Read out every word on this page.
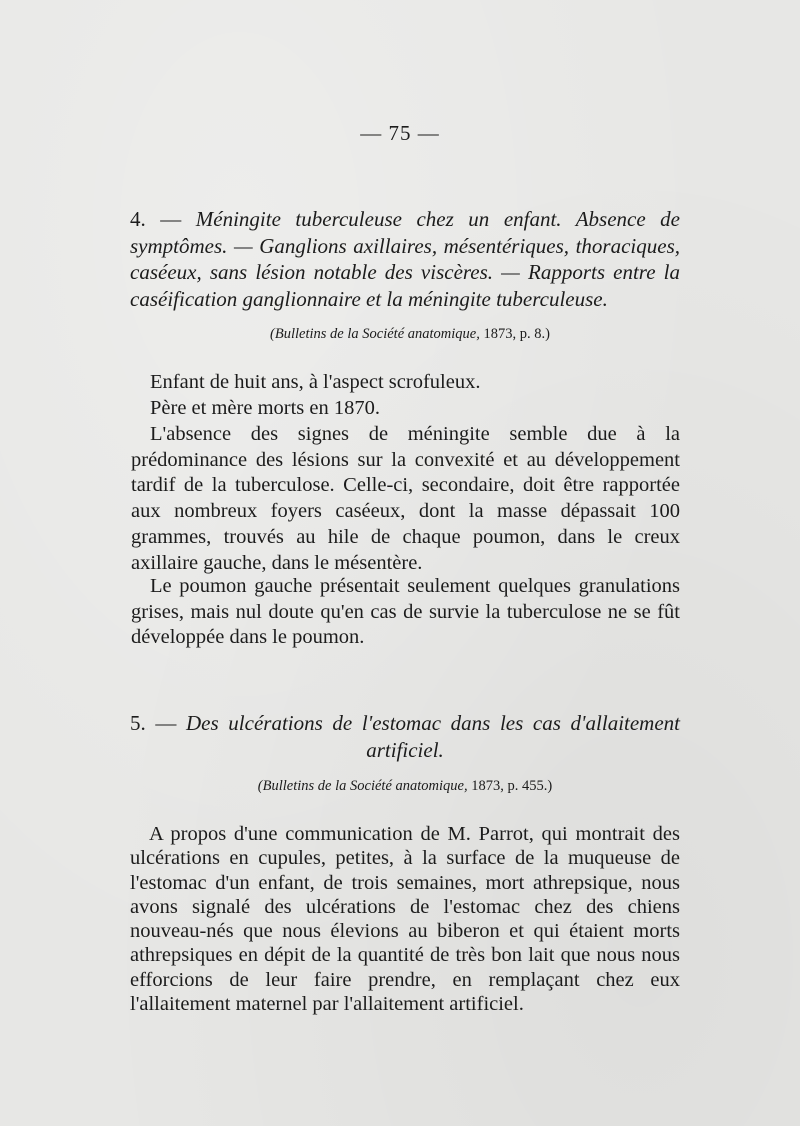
— 75 —
4. — Méningite tuberculeuse chez un enfant. Absence de symptômes. — Ganglions axillaires, mésentériques, thoraciques, caséeux, sans lésion notable des viscères. — Rapports entre la caséification ganglionnaire et la méningite tuberculeuse.
(Bulletins de la Société anatomique, 1873, p. 8.)

Enfant de huit ans, à l'aspect scrofuleux.

Père et mère morts en 1870.

L'absence des signes de méningite semble due à la prédominance des lésions sur la convexité et au développement tardif de la tuberculose. Celle-ci, secondaire, doit être rapportée aux nombreux foyers caséeux, dont la masse dépassait 100 grammes, trouvés au hile de chaque poumon, dans le creux axillaire gauche, dans le mésentère.

Le poumon gauche présentait seulement quelques granulations grises, mais nul doute qu'en cas de survie la tuberculose ne se fût développée dans le poumon.

5. — Des ulcérations de l'estomac dans les cas d'allaitement artificiel.
(Bulletins de la Société anatomique, 1873, p. 455.)

A propos d'une communication de M. Parrot, qui montrait des ulcérations en cupules, petites, à la surface de la muqueuse de l'estomac d'un enfant, de trois semaines, mort athrepsique, nous avons signalé des ulcérations de l'estomac chez des chiens nouveau-nés que nous élevions au biberon et qui étaient morts athrepsiques en dépit de la quantité de très bon lait que nous nous efforcions de leur faire prendre, en remplaçant chez eux l'allaitement maternel par l'allaitement artificiel.
